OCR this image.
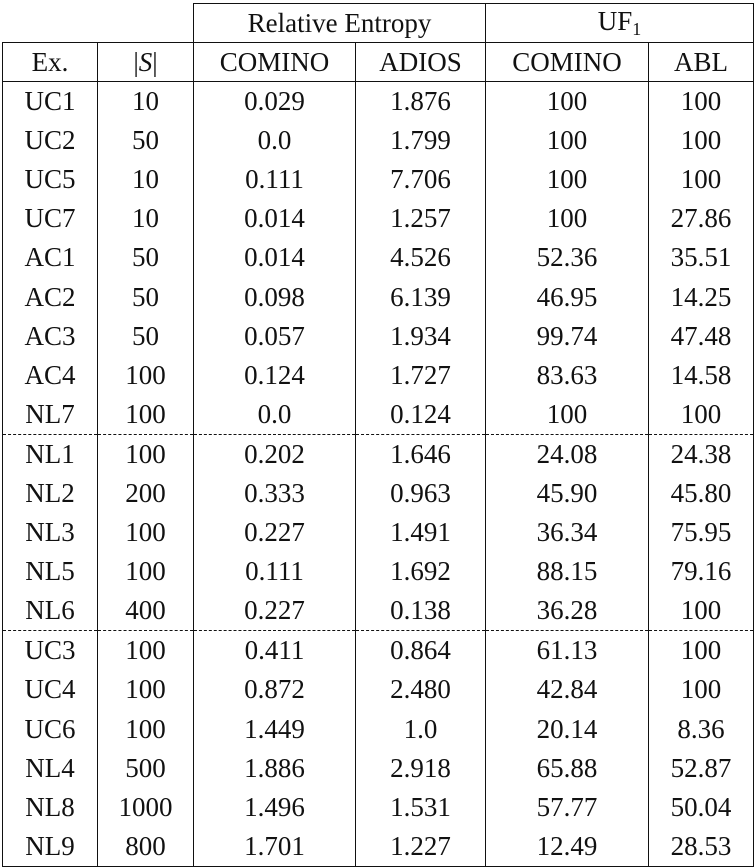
		Relative Entropy		$UF_1$
Ex.	|S|	COMINO	ADIOS	COMINO	ABL
UC1	10	0.029	1.876	100	100
UC2	50	0.0	1.799	100	100
UC5	10	0.111	7.706	100	100
UC7	10	0.014	1.257	100	27.86
AC1	50	0.014	4.526	52.36	35.51
AC2	50	0.098	6.139	46.95	14.25
AC3	50	0.057	1.934	99.74	47.48
AC4	100	0.124	1.727	83.63	14.58
NL7	100	0.0	0.124	100	100
NL1	100	0.202	1.646	24.08	24.38
NL2	200	0.333	0.963	45.90	45.80
NL3	100	0.227	1.491	36.34	75.95
NL5	100	0.111	1.692	88.15	79.16
NL6	400	0.227	0.138	36.28	100
UC3	100	0.411	0.864	61.13	100
UC4	100	0.872	2.480	42.84	100
UC6	100	1.449	1.0	20.14	8.36
NL4	500	1.886	2.918	65.88	52.87
NL8	1000	1.496	1.531	57.77	50.04
NL9	800	1.701	1.227	12.49	28.53
